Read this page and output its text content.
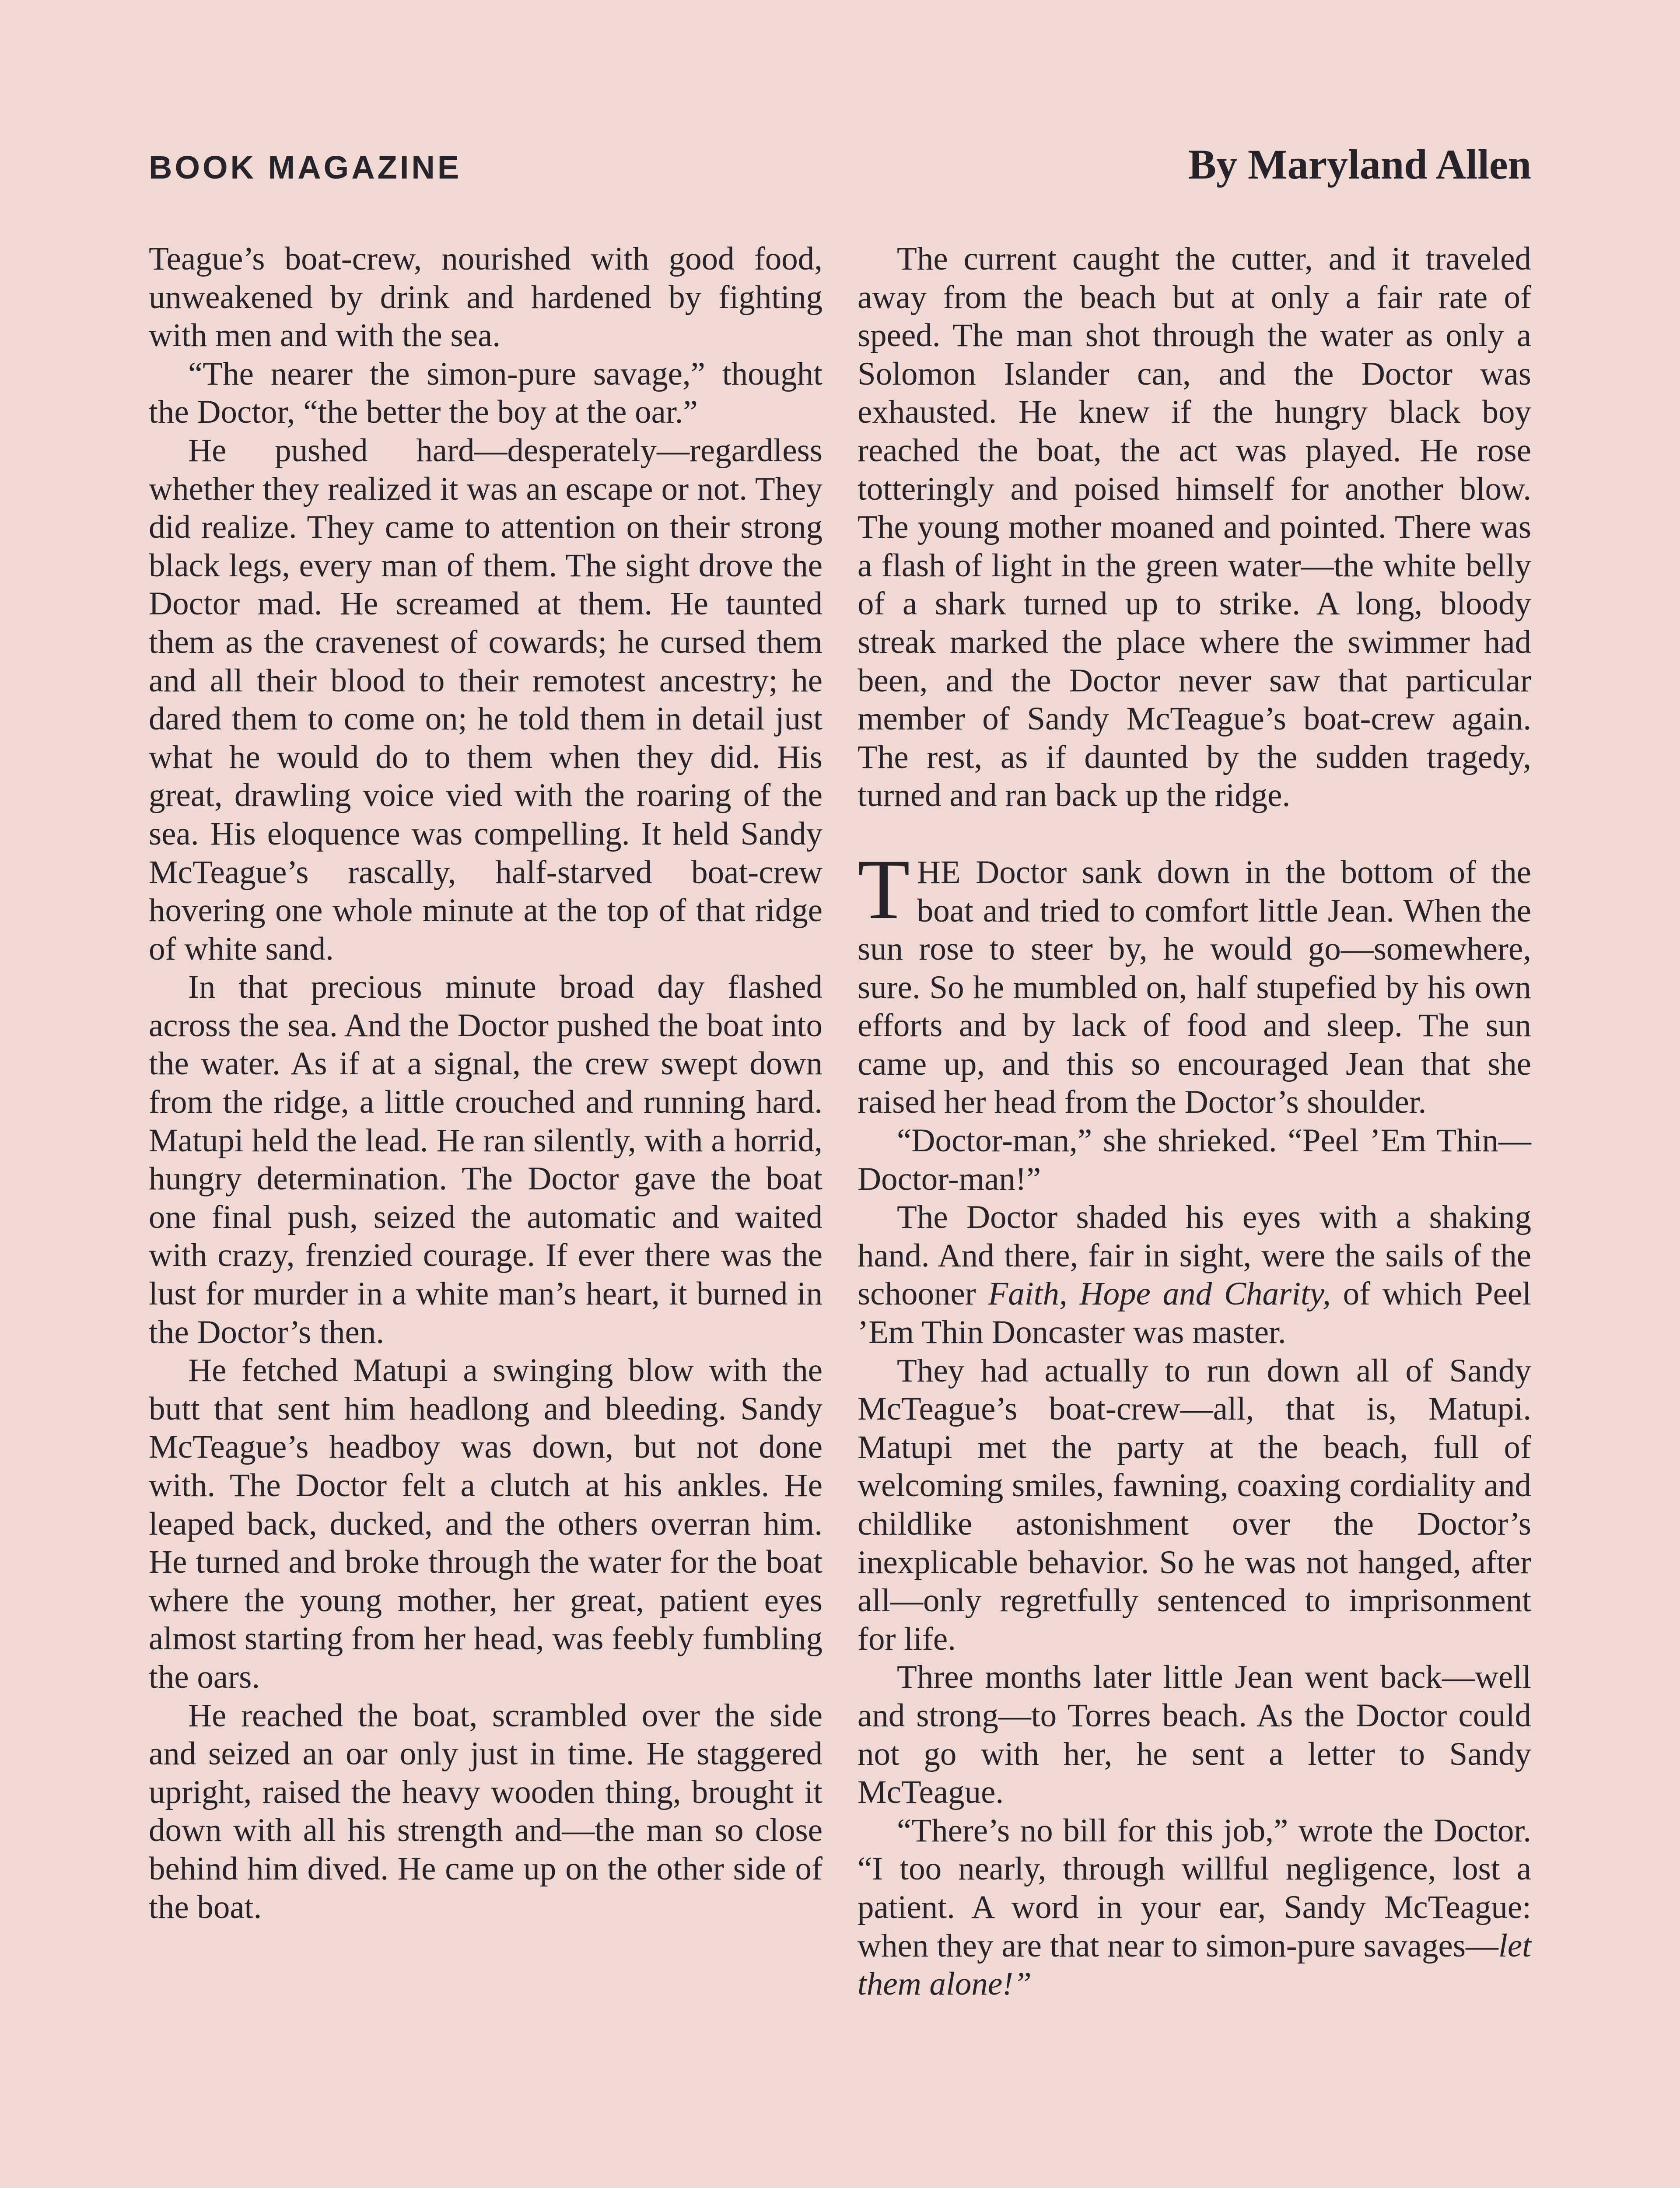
BOOK MAGAZINE	By Maryland Allen

Teague’s boat-crew, nourished with good food, unweakened by drink and hardened by fighting with men and with the sea.

“The nearer the simon-pure savage,” thought the Doctor, “the better the boy at the oar.”

He pushed hard—desperately—regardless whether they realized it was an escape or not. They did realize. They came to attention on their strong black legs, every man of them. The sight drove the Doctor mad. He screamed at them. He taunted them as the cravenest of cowards; he cursed them and all their blood to their remotest ancestry; he dared them to come on; he told them in detail just what he would do to them when they did. His great, drawling voice vied with the roaring of the sea. His eloquence was compelling. It held Sandy McTeague’s rascally, half-starved boat-crew hovering one whole minute at the top of that ridge of white sand.

In that precious minute broad day flashed across the sea. And the Doctor pushed the boat into the water. As if at a signal, the crew swept down from the ridge, a little crouched and running hard. Matupi held the lead. He ran silently, with a horrid, hungry determination. The Doctor gave the boat one final push, seized the automatic and waited with crazy, frenzied courage. If ever there was the lust for murder in a white man’s heart, it burned in the Doctor’s then.

He fetched Matupi a swinging blow with the butt that sent him headlong and bleeding. Sandy McTeague’s headboy was down, but not done with. The Doctor felt a clutch at his ankles. He leaped back, ducked, and the others overran him. He turned and broke through the water for the boat where the young mother, her great, patient eyes almost starting from her head, was feebly fumbling the oars.

He reached the boat, scrambled over the side and seized an oar only just in time. He staggered upright, raised the heavy wooden thing, brought it down with all his strength and—the man so close behind him dived. He came up on the other side of the boat.

The current caught the cutter, and it traveled away from the beach but at only a fair rate of speed. The man shot through the water as only a Solomon Islander can, and the Doctor was exhausted. He knew if the hungry black boy reached the boat, the act was played. He rose totteringly and poised himself for another blow. The young mother moaned and pointed. There was a flash of light in the green water—the white belly of a shark turned up to strike. A long, bloody streak marked the place where the swimmer had been, and the Doctor never saw that particular member of Sandy McTeague’s boat-crew again. The rest, as if daunted by the sudden tragedy, turned and ran back up the ridge.

THE Doctor sank down in the bottom of the boat and tried to comfort little Jean. When the sun rose to steer by, he would go—somewhere, sure. So he mumbled on, half stupefied by his own efforts and by lack of food and sleep. The sun came up, and this so encouraged Jean that she raised her head from the Doctor’s shoulder.

“Doctor-man,” she shrieked. “Peel ’Em Thin—Doctor-man!”

The Doctor shaded his eyes with a shaking hand. And there, fair in sight, were the sails of the schooner Faith, Hope and Charity, of which Peel ’Em Thin Doncaster was master.

They had actually to run down all of Sandy McTeague’s boat-crew—all, that is, Matupi. Matupi met the party at the beach, full of welcoming smiles, fawning, coaxing cordiality and childlike astonishment over the Doctor’s inexplicable behavior. So he was not hanged, after all—only regretfully sentenced to imprisonment for life.

Three months later little Jean went back—well and strong—to Torres beach. As the Doctor could not go with her, he sent a letter to Sandy McTeague.

“There’s no bill for this job,” wrote the Doctor. “I too nearly, through willful negligence, lost a patient. A word in your ear, Sandy McTeague: when they are that near to simon-pure savages—let them alone!”
